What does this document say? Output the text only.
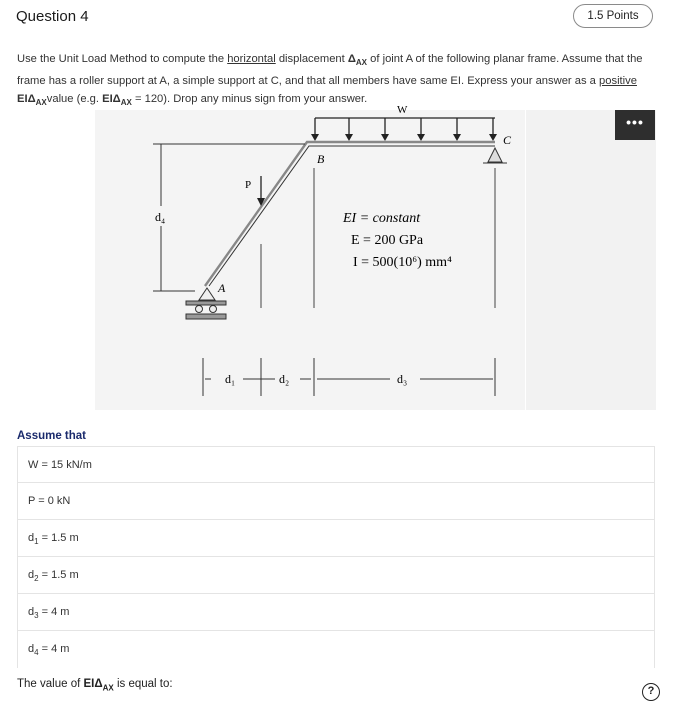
Question 4	1.5 Points
Use the Unit Load Method to compute the horizontal displacement $\Delta_{AX}$ of joint A of the following planar frame. Assume that the frame has a roller support at A, a simple support at C, and that all members have same EI. Express your answer as a positive $EI\Delta_{AX}value$ (e.g. $EI\Delta_{AX} = 120$). Drop any minus sign from your answer.
•••
W
B
C
A
P
d₄	EI = constant
E = 200 GPa
I = 500(10⁶) mm⁴
d₁	d₂	d₃
Assume that
W = 15 kN/m
P = 0 kN
$d_1 = 1.5$ m
$d_2 = 1.5$ m
$d_3 = 4$ m
$d_4 = 4$ m
The value of $EI\Delta_{AX}$ is equal to:
?
